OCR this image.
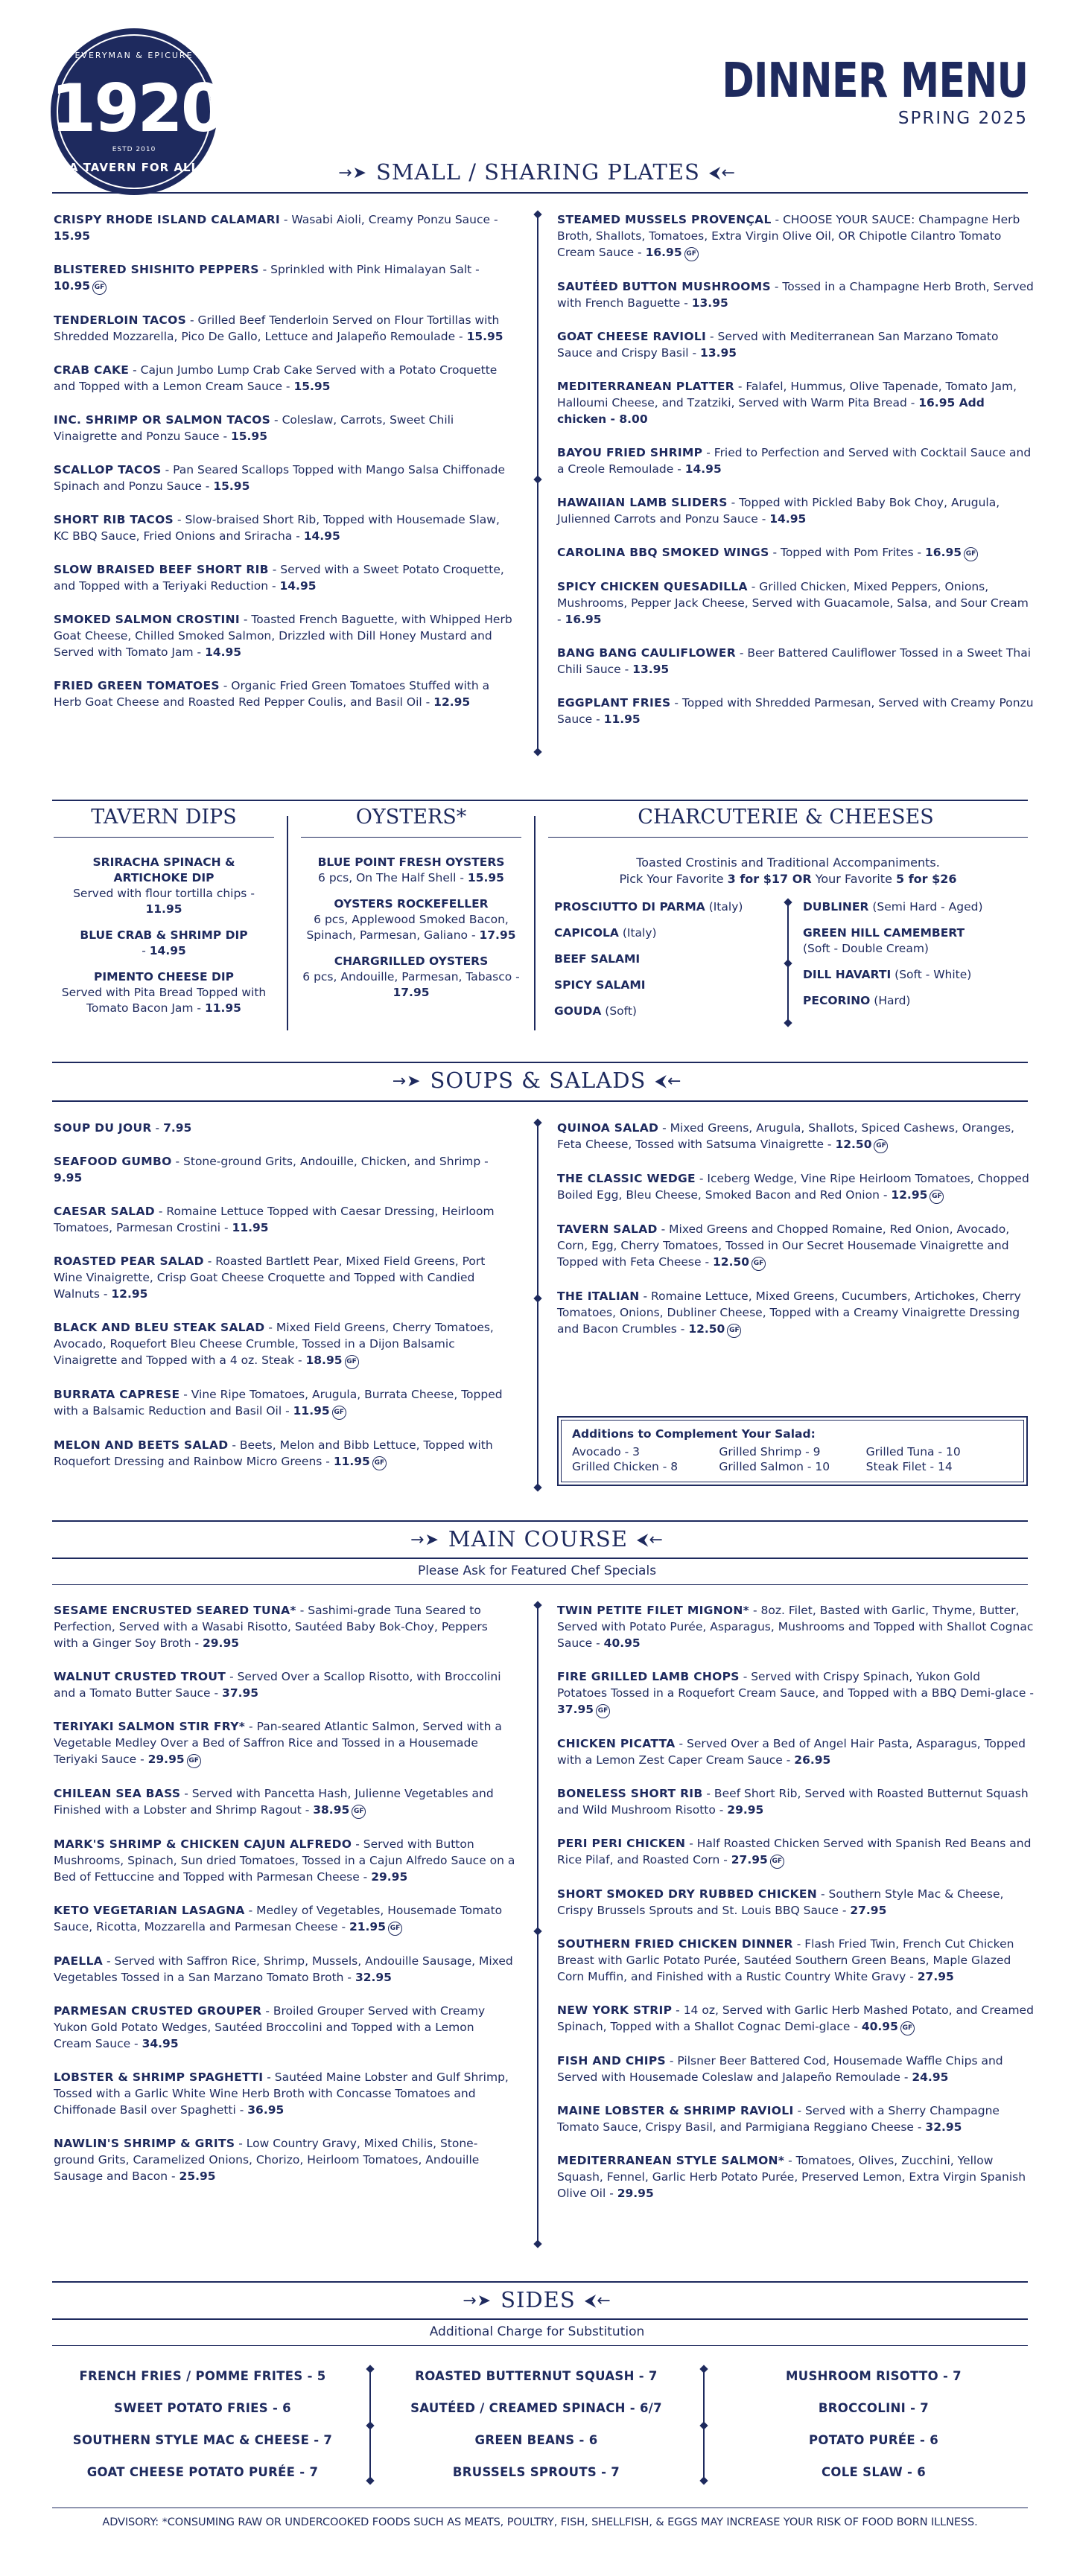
EVERYMAN & EPICURE
1920
ESTD 2010
A TAVERN FOR ALL
DINNER MENU
SPRING 2025
→➤ SMALL / SHARING PLATES ⮜←
CRISPY RHODE ISLAND CALAMARI - Wasabi Aioli, Creamy Ponzu Sauce - 15.95
BLISTERED SHISHITO PEPPERS - Sprinkled with Pink Himalayan Salt - 10.95 GF
TENDERLOIN TACOS - Grilled Beef Tenderloin Served on Flour Tortillas with Shredded Mozzarella, Pico De Gallo, Lettuce and Jalapeño Remoulade - 15.95
CRAB CAKE - Cajun Jumbo Lump Crab Cake Served with a Potato Croquette and Topped with a Lemon Cream Sauce - 15.95
INC. SHRIMP OR SALMON TACOS - Coleslaw, Carrots, Sweet Chili Vinaigrette and Ponzu Sauce - 15.95
SCALLOP TACOS - Pan Seared Scallops Topped with Mango Salsa Chiffonade Spinach and Ponzu Sauce - 15.95
SHORT RIB TACOS - Slow-braised Short Rib, Topped with Housemade Slaw, KC BBQ Sauce, Fried Onions and Sriracha - 14.95
SLOW BRAISED BEEF SHORT RIB - Served with a Sweet Potato Croquette, and Topped with a Teriyaki Reduction - 14.95
SMOKED SALMON CROSTINI - Toasted French Baguette, with Whipped Herb Goat Cheese, Chilled Smoked Salmon, Drizzled with Dill Honey Mustard and Served with Tomato Jam - 14.95
FRIED GREEN TOMATOES - Organic Fried Green Tomatoes Stuffed with a Herb Goat Cheese and Roasted Red Pepper Coulis, and Basil Oil - 12.95
STEAMED MUSSELS PROVENÇAL - CHOOSE YOUR SAUCE: Champagne Herb Broth, Shallots, Tomatoes, Extra Virgin Olive Oil, OR Chipotle Cilantro Tomato Cream Sauce - 16.95 GF
SAUTÉED BUTTON MUSHROOMS - Tossed in a Champagne Herb Broth, Served with French Baguette - 13.95
GOAT CHEESE RAVIOLI - Served with Mediterranean San Marzano Tomato Sauce and Crispy Basil - 13.95
MEDITERRANEAN PLATTER - Falafel, Hummus, Olive Tapenade, Tomato Jam, Halloumi Cheese, and Tzatziki, Served with Warm Pita Bread - 16.95 Add chicken - 8.00
BAYOU FRIED SHRIMP - Fried to Perfection and Served with Cocktail Sauce and a Creole Remoulade - 14.95
HAWAIIAN LAMB SLIDERS - Topped with Pickled Baby Bok Choy, Arugula, Julienned Carrots and Ponzu Sauce - 14.95
CAROLINA BBQ SMOKED WINGS - Topped with Pom Frites - 16.95 GF
SPICY CHICKEN QUESADILLA - Grilled Chicken, Mixed Peppers, Onions, Mushrooms, Pepper Jack Cheese, Served with Guacamole, Salsa, and Sour Cream - 16.95
BANG BANG CAULIFLOWER - Beer Battered Cauliflower Tossed in a Sweet Thai Chili Sauce - 13.95
EGGPLANT FRIES - Topped with Shredded Parmesan, Served with Creamy Ponzu Sauce - 11.95
TAVERN DIPS	OYSTERS*	CHARCUTERIE & CHEESES
SRIRACHA SPINACH & ARTICHOKE DIP
Served with flour tortilla chips - 11.95
BLUE CRAB & SHRIMP DIP
- 14.95
PIMENTO CHEESE DIP
Served with Pita Bread Topped with Tomato Bacon Jam - 11.95
BLUE POINT FRESH OYSTERS
6 pcs, On The Half Shell - 15.95
OYSTERS ROCKEFELLER
6 pcs, Applewood Smoked Bacon, Spinach, Parmesan, Galiano - 17.95
CHARGRILLED OYSTERS
6 pcs, Andouille, Parmesan, Tabasco - 17.95
Toasted Crostinis and Traditional Accompaniments.
Pick Your Favorite 3 for $17 OR Your Favorite 5 for $26
PROSCIUTTO DI PARMA (Italy)
CAPICOLA (Italy)
BEEF SALAMI
SPICY SALAMI
GOUDA (Soft)
DUBLINER (Semi Hard - Aged)
GREEN HILL CAMEMBERT
(Soft - Double Cream)
DILL HAVARTI (Soft - White)
PECORINO (Hard)
→➤ SOUPS & SALADS ⮜←
SOUP DU JOUR - 7.95
SEAFOOD GUMBO - Stone-ground Grits, Andouille, Chicken, and Shrimp - 9.95
CAESAR SALAD - Romaine Lettuce Topped with Caesar Dressing, Heirloom Tomatoes, Parmesan Crostini - 11.95
ROASTED PEAR SALAD - Roasted Bartlett Pear, Mixed Field Greens, Port Wine Vinaigrette, Crisp Goat Cheese Croquette and Topped with Candied Walnuts - 12.95
BLACK AND BLEU STEAK SALAD - Mixed Field Greens, Cherry Tomatoes, Avocado, Roquefort Bleu Cheese Crumble, Tossed in a Dijon Balsamic Vinaigrette and Topped with a 4 oz. Steak - 18.95 GF
BURRATA CAPRESE - Vine Ripe Tomatoes, Arugula, Burrata Cheese, Topped with a Balsamic Reduction and Basil Oil - 11.95 GF
MELON AND BEETS SALAD - Beets, Melon and Bibb Lettuce, Topped with Roquefort Dressing and Rainbow Micro Greens - 11.95 GF
QUINOA SALAD - Mixed Greens, Arugula, Shallots, Spiced Cashews, Oranges, Feta Cheese, Tossed with Satsuma Vinaigrette - 12.50 GF
THE CLASSIC WEDGE - Iceberg Wedge, Vine Ripe Heirloom Tomatoes, Chopped Boiled Egg, Bleu Cheese, Smoked Bacon and Red Onion - 12.95 GF
TAVERN SALAD - Mixed Greens and Chopped Romaine, Red Onion, Avocado, Corn, Egg, Cherry Tomatoes, Tossed in Our Secret Housemade Vinaigrette and Topped with Feta Cheese - 12.50 GF
THE ITALIAN - Romaine Lettuce, Mixed Greens, Cucumbers, Artichokes, Cherry Tomatoes, Onions, Dubliner Cheese, Topped with a Creamy Vinaigrette Dressing and Bacon Crumbles - 12.50 GF
Additions to Complement Your Salad:
Avocado - 3	Grilled Shrimp - 9	Grilled Tuna - 10
Grilled Chicken - 8	Grilled Salmon - 10	Steak Filet - 14
→➤ MAIN COURSE ⮜←
Please Ask for Featured Chef Specials
SESAME ENCRUSTED SEARED TUNA* - Sashimi-grade Tuna Seared to Perfection, Served with a Wasabi Risotto, Sautéed Baby Bok-Choy, Peppers with a Ginger Soy Broth - 29.95
WALNUT CRUSTED TROUT - Served Over a Scallop Risotto, with Broccolini and a Tomato Butter Sauce - 37.95
TERIYAKI SALMON STIR FRY* - Pan-seared Atlantic Salmon, Served with a Vegetable Medley Over a Bed of Saffron Rice and Tossed in a Housemade Teriyaki Sauce - 29.95 GF
CHILEAN SEA BASS - Served with Pancetta Hash, Julienne Vegetables and Finished with a Lobster and Shrimp Ragout - 38.95 GF
MARK'S SHRIMP & CHICKEN CAJUN ALFREDO - Served with Button Mushrooms, Spinach, Sun dried Tomatoes, Tossed in a Cajun Alfredo Sauce on a Bed of Fettuccine and Topped with Parmesan Cheese - 29.95
KETO VEGETARIAN LASAGNA - Medley of Vegetables, Housemade Tomato Sauce, Ricotta, Mozzarella and Parmesan Cheese - 21.95 GF
PAELLA - Served with Saffron Rice, Shrimp, Mussels, Andouille Sausage, Mixed Vegetables Tossed in a San Marzano Tomato Broth - 32.95
PARMESAN CRUSTED GROUPER - Broiled Grouper Served with Creamy Yukon Gold Potato Wedges, Sautéed Broccolini and Topped with a Lemon Cream Sauce - 34.95
LOBSTER & SHRIMP SPAGHETTI - Sautéed Maine Lobster and Gulf Shrimp, Tossed with a Garlic White Wine Herb Broth with Concasse Tomatoes and Chiffonade Basil over Spaghetti - 36.95
NAWLIN'S SHRIMP & GRITS - Low Country Gravy, Mixed Chilis, Stone-ground Grits, Caramelized Onions, Chorizo, Heirloom Tomatoes, Andouille Sausage and Bacon - 25.95
TWIN PETITE FILET MIGNON* - 8oz. Filet, Basted with Garlic, Thyme, Butter, Served with Potato Purée, Asparagus, Mushrooms and Topped with Shallot Cognac Sauce - 40.95
FIRE GRILLED LAMB CHOPS - Served with Crispy Spinach, Yukon Gold Potatoes Tossed in a Roquefort Cream Sauce, and Topped with a BBQ Demi-glace - 37.95 GF
CHICKEN PICATTA - Served Over a Bed of Angel Hair Pasta, Asparagus, Topped with a Lemon Zest Caper Cream Sauce - 26.95
BONELESS SHORT RIB - Beef Short Rib, Served with Roasted Butternut Squash and Wild Mushroom Risotto - 29.95
PERI PERI CHICKEN - Half Roasted Chicken Served with Spanish Red Beans and Rice Pilaf, and Roasted Corn - 27.95 GF
SHORT SMOKED DRY RUBBED CHICKEN - Southern Style Mac & Cheese, Crispy Brussels Sprouts and St. Louis BBQ Sauce - 27.95
SOUTHERN FRIED CHICKEN DINNER - Flash Fried Twin, French Cut Chicken Breast with Garlic Potato Purée, Sautéed Southern Green Beans, Maple Glazed Corn Muffin, and Finished with a Rustic Country White Gravy - 27.95
NEW YORK STRIP - 14 oz, Served with Garlic Herb Mashed Potato, and Creamed Spinach, Topped with a Shallot Cognac Demi-glace - 40.95 GF
FISH AND CHIPS - Pilsner Beer Battered Cod, Housemade Waffle Chips and Served with Housemade Coleslaw and Jalapeño Remoulade - 24.95
MAINE LOBSTER & SHRIMP RAVIOLI - Served with a Sherry Champagne Tomato Sauce, Crispy Basil, and Parmigiana Reggiano Cheese - 32.95
MEDITERRANEAN STYLE SALMON* - Tomatoes, Olives, Zucchini, Yellow Squash, Fennel, Garlic Herb Potato Purée, Preserved Lemon, Extra Virgin Spanish Olive Oil - 29.95
→➤ SIDES ⮜←
Additional Charge for Substitution
FRENCH FRIES / POMME FRITES - 5
SWEET POTATO FRIES - 6
SOUTHERN STYLE MAC & CHEESE - 7
GOAT CHEESE POTATO PURÉE - 7
ROASTED BUTTERNUT SQUASH - 7
SAUTÉED / CREAMED SPINACH - 6/7
GREEN BEANS - 6
BRUSSELS SPROUTS - 7
MUSHROOM RISOTTO - 7
BROCCOLINI - 7
POTATO PURÉE - 6
COLE SLAW - 6
ADVISORY: *CONSUMING RAW OR UNDERCOOKED FOODS SUCH AS MEATS, POULTRY, FISH, SHELLFISH, & EGGS MAY INCREASE YOUR RISK OF FOOD BORN ILLNESS.
